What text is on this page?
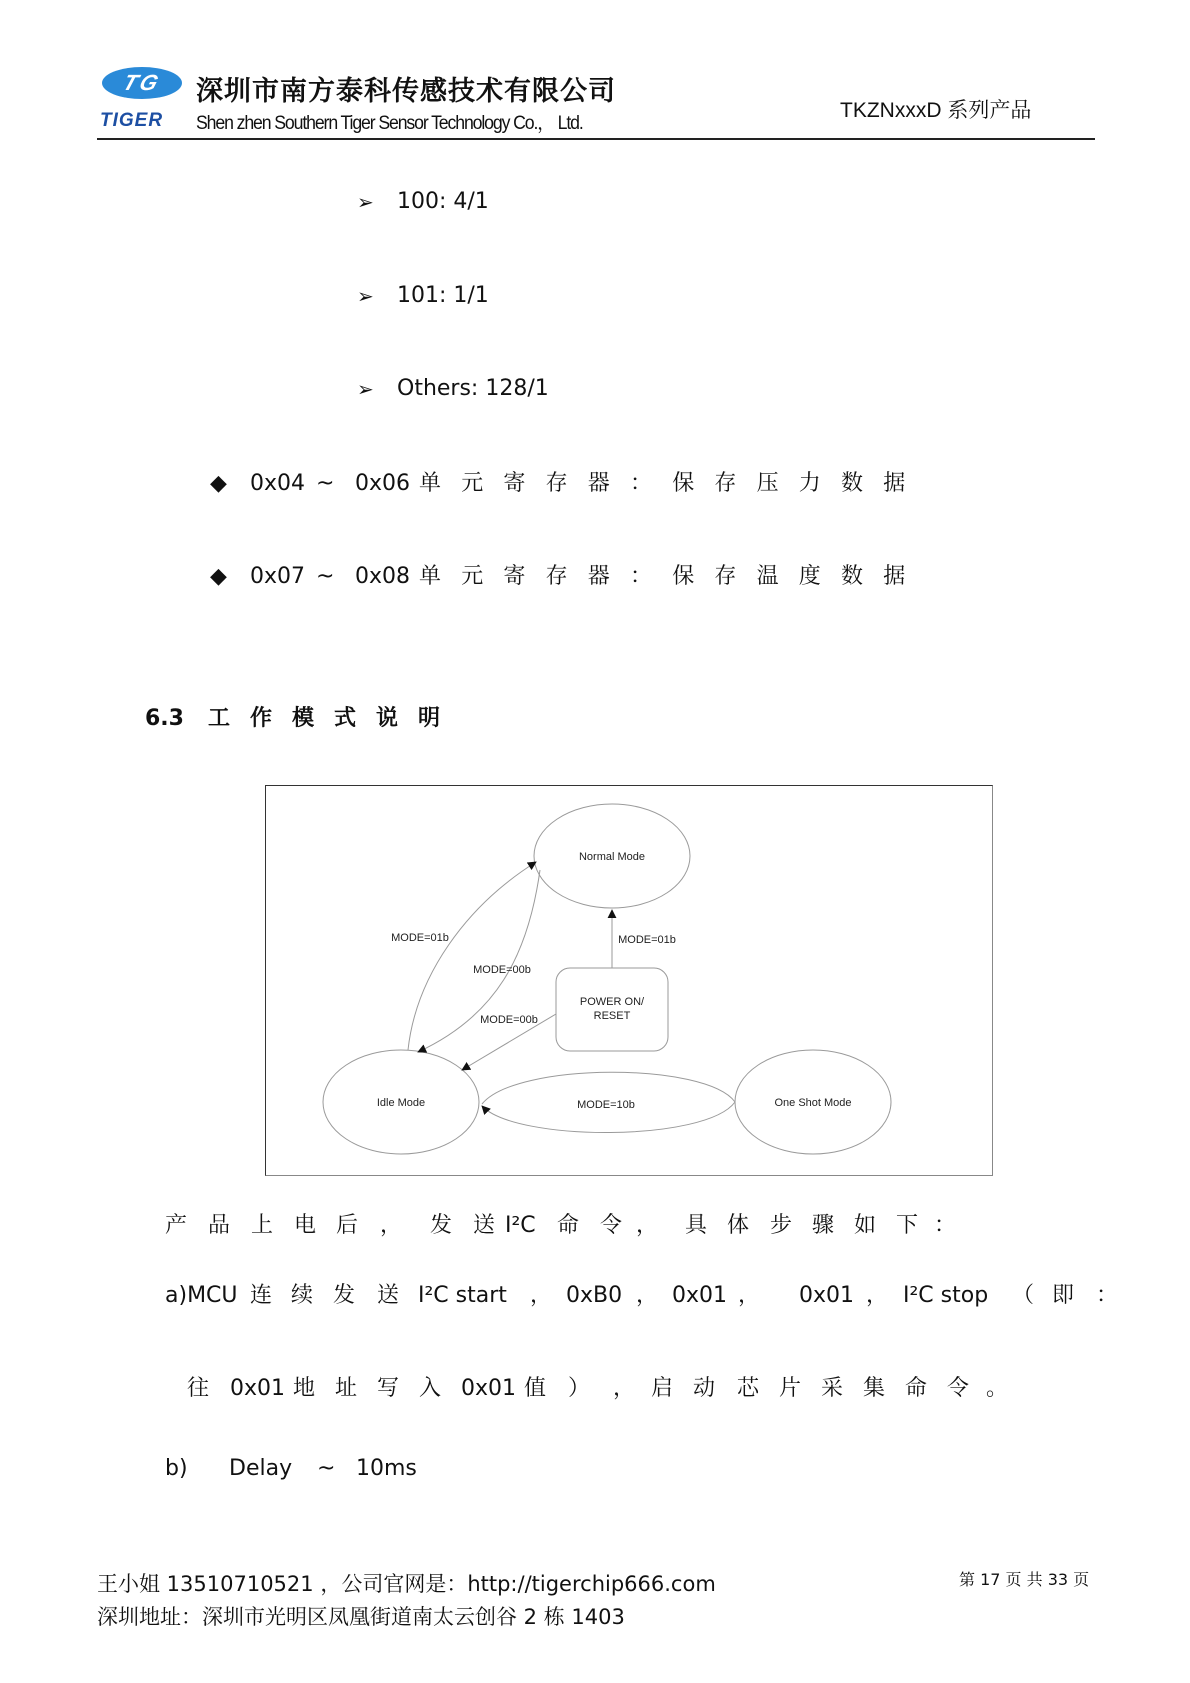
TG
TIGER
深圳市南方泰科传感技术有限公司
Shen zhen Southern Tiger Sensor Technology Co.， Ltd.
TKZNxxxD 系列产品
➢ 100: 4/1
➢ 101: 1/1
➢ Others: 128/1
◆ 0x04 ~ 0x06 单 元 寄 存 器 ： 保 存 压 力 数 据
◆ 0x07 ~ 0x08 单 元 寄 存 器 ： 保 存 温 度 数 据
6.3 工 作 模 式 说 明
Normal Mode
Idle Mode	One Shot Mode
POWER ON/
RESET
MODE=01b
MODE=00b
MODE=00b
MODE=01b
MODE=10b
产 品 上 电 后 ， 发 送 I²C 命 令 ， 具 体 步 骤 如 下 ：
a)MCU 连 续 发 送 I²C start ， 0xB0 ， 0x01 ， 0x01 ， I²C stop （ 即 ：
往 0x01 地 址 写 入 0x01 值 ） ， 启 动 芯 片 采 集 命 令 。
b) Delay ~ 10ms
王小姐 13510710521 ，公司官网是：http://tigerchip666.com
深圳地址：深圳市光明区凤凰街道南太云创谷 2 栋 1403
第 17 页 共 33 页
